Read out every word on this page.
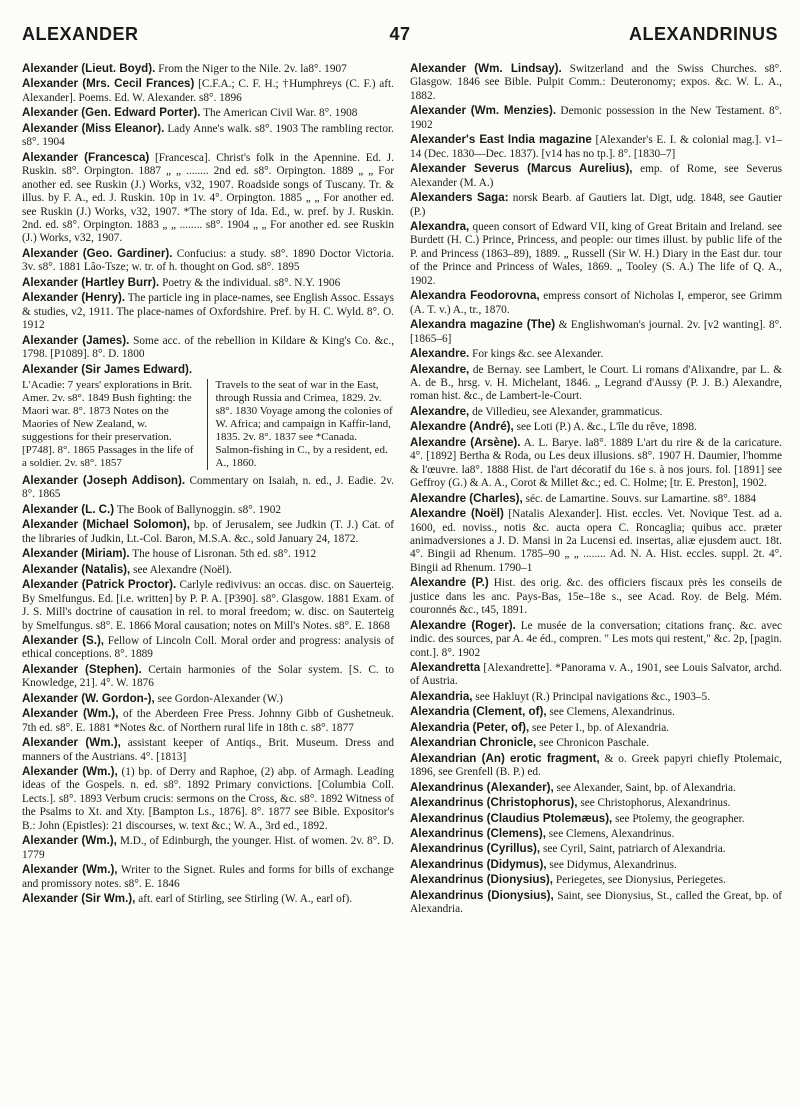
ALEXANDER	47	ALEXANDRINUS

Alexander (Lieut. Boyd). From the Niger to the Nile. 2v. la8°. 1907

Alexander (Mrs. Cecil Frances) [C.F.A.; C. F. H.; †Humphreys (C. F.) aft. Alexander]. Poems. Ed. W. Alexander. s8°. 1896

Alexander (Gen. Edward Porter). The American Civil War. 8°. 1908

Alexander (Miss Eleanor). Lady Anne's walk. s8°. 1903 The rambling rector. s8°. 1904

Alexander (Francesca) [Francesca]. Christ's folk in the Apennine. Ed. J. Ruskin. s8°. Orpington. 1887 „ „ ........ 2nd ed. s8°. Orpington. 1889 „ „ For another ed. see Ruskin (J.) Works, v32, 1907. Roadside songs of Tuscany. Tr. & illus. by F. A., ed. J. Ruskin. 10p in 1v. 4°. Orpington. 1885 „ „ For another ed. see Ruskin (J.) Works, v32, 1907. *The story of Ida. Ed., w. pref. by J. Ruskin. 2nd. ed. s8°. Orpington. 1883 „ „ ........ s8°. 1904 „ „ For another ed. see Ruskin (J.) Works, v32, 1907.

Alexander (Geo. Gardiner). Confucius: a study. s8°. 1890 Doctor Victoria. 3v. s8°. 1881 Lâo-Tsze; w. tr. of h. thought on God. s8°. 1895

Alexander (Hartley Burr). Poetry & the individual. s8°. N.Y. 1906

Alexander (Henry). The particle ing in place-names, see English Assoc. Essays & studies, v2, 1911. The place-names of Oxfordshire. Pref. by H. C. Wyld. 8°. O. 1912

Alexander (James). Some acc. of the rebellion in Kildare & King's Co. &c., 1798. [P1089]. 8°. D. 1800

Alexander (Sir James Edward).

L'Acadie: 7 years' explorations in Brit. Amer. 2v. s8°. 1849 Bush fighting: the Maori war. 8°. 1873 Notes on the Maories of New Zealand, w. suggestions for their preservation. [P748]. 8°. 1865 Passages in the life of a soldier. 2v. s8°. 1857
Travels to the seat of war in the East, through Russia and Crimea, 1829. 2v. s8°. 1830 Voyage among the colonies of W. Africa; and campaign in Kaffir-land, 1835. 2v. 8°. 1837 see *Canada. Salmon-fishing in C., by a resident, ed. A., 1860.

Alexander (Joseph Addison). Commentary on Isaiah, n. ed., J. Eadie. 2v. 8°. 1865

Alexander (L. C.) The Book of Ballynoggin. s8°. 1902

Alexander (Michael Solomon), bp. of Jerusalem, see Judkin (T. J.) Cat. of the libraries of Judkin, Lt.-Col. Baron, M.S.A. &c., sold January 24, 1872.

Alexander (Miriam). The house of Lisronan. 5th ed. s8°. 1912

Alexander (Natalis), see Alexandre (Noël).

Alexander (Patrick Proctor). Carlyle redivivus: an occas. disc. on Sauerteig. By Smelfungus. Ed. [i.e. written] by P. P. A. [P390]. s8°. Glasgow. 1881 Exam. of J. S. Mill's doctrine of causation in rel. to moral freedom; w. disc. on Sauterteig by Smelfungus. s8°. E. 1866 Moral causation; notes on Mill's Notes. s8°. E. 1868

Alexander (S.), Fellow of Lincoln Coll. Moral order and progress: analysis of ethical conceptions. 8°. 1889

Alexander (Stephen). Certain harmonies of the Solar system. [S. C. to Knowledge, 21]. 4°. W. 1876

Alexander (W. Gordon-), see Gordon-Alexander (W.)

Alexander (Wm.), of the Aberdeen Free Press. Johnny Gibb of Gushetneuk. 7th ed. s8°. E. 1881 *Notes &c. of Northern rural life in 18th c. s8°. 1877

Alexander (Wm.), assistant keeper of Antiqs., Brit. Museum. Dress and manners of the Austrians. 4°. [1813]

Alexander (Wm.), (1) bp. of Derry and Raphoe, (2) abp. of Armagh. Leading ideas of the Gospels. n. ed. s8°. 1892 Primary convictions. [Columbia Coll. Lects.]. s8°. 1893 Verbum crucis: sermons on the Cross, &c. s8°. 1892 Witness of the Psalms to Xt. and Xty. [Bampton Ls., 1876]. 8°. 1877 see Bible. Expositor's B.: John (Epistles): 21 discourses, w. text &c.; W. A., 3rd ed., 1892.

Alexander (Wm.), M.D., of Edinburgh, the younger. Hist. of women. 2v. 8°. D. 1779

Alexander (Wm.), Writer to the Signet. Rules and forms for bills of exchange and promissory notes. s8°. E. 1846

Alexander (Sir Wm.), aft. earl of Stirling, see Stirling (W. A., earl of).

Alexander (Wm. Lindsay). Switzerland and the Swiss Churches. s8°. Glasgow. 1846 see Bible. Pulpit Comm.: Deuteronomy; expos. &c. W. L. A., 1882.

Alexander (Wm. Menzies). Demonic possession in the New Testament. 8°. 1902

Alexander's East India magazine [Alexander's E. I. & colonial mag.]. v1–14 (Dec. 1830—Dec. 1837). [v14 has no tp.]. 8°. [1830–7]

Alexander Severus (Marcus Aurelius), emp. of Rome, see Severus Alexander (M. A.)

Alexanders Saga: norsk Bearb. af Gautiers lat. Digt, udg. 1848, see Gautier (P.)

Alexandra, queen consort of Edward VII, king of Great Britain and Ireland. see Burdett (H. C.) Prince, Princess, and people: our times illust. by public life of the P. and Princess (1863–89), 1889. „ Russell (Sir W. H.) Diary in the East dur. tour of the Prince and Princess of Wales, 1869. „ Tooley (S. A.) The life of Q. A., 1902.

Alexandra Feodorovna, empress consort of Nicholas I, emperor, see Grimm (A. T. v.) A., tr., 1870.

Alexandra magazine (The) & Englishwoman's journal. 2v. [v2 wanting]. 8°. [1865–6]

Alexandre. For kings &c. see Alexander.

Alexandre, de Bernay. see Lambert, le Court. Li romans d'Alixandre, par L. & A. de B., hrsg. v. H. Michelant, 1846. „ Legrand d'Aussy (P. J. B.) Alexandre, roman hist. &c., de Lambert-le-Court.

Alexandre, de Villedieu, see Alexander, grammaticus.

Alexandre (André), see Loti (P.) A. &c., L'île du rêve, 1898.

Alexandre (Arsène). A. L. Barye. la8°. 1889 L'art du rire & de la caricature. 4°. [1892] Bertha & Roda, ou Les deux illusions. s8°. 1907 H. Daumier, l'homme & l'œuvre. la8°. 1888 Hist. de l'art décoratif du 16e s. à nos jours. fol. [1891] see Geffroy (G.) & A. A., Corot & Millet &c.; ed. C. Holme; [tr. E. Preston], 1902.

Alexandre (Charles), séc. de Lamartine. Souvs. sur Lamartine. s8°. 1884

Alexandre (Noël) [Natalis Alexander]. Hist. eccles. Vet. Novique Test. ad a. 1600, ed. noviss., notis &c. aucta opera C. Roncaglia; quibus acc. præter animadversiones a J. D. Mansi in 2a Lucensi ed. insertas, aliæ ejusdem auct. 18t. 4°. Bingii ad Rhenum. 1785–90 „ „ ........ Ad. N. A. Hist. eccles. suppl. 2t. 4°. Bingii ad Rhenum. 1790–1

Alexandre (P.) Hist. des orig. &c. des officiers fiscaux près les conseils de justice dans les anc. Pays-Bas, 15e–18e s., see Acad. Roy. de Belg. Mém. couronnés &c., t45, 1891.

Alexandre (Roger). Le musée de la conversation; citations franç. &c. avec indic. des sources, par A. 4e éd., compren. " Les mots qui restent," &c. 2p, [pagin. cont.]. 8°. 1902

Alexandretta [Alexandrette]. *Panorama v. A., 1901, see Louis Salvator, archd. of Austria.

Alexandria, see Hakluyt (R.) Principal navigations &c., 1903–5.

Alexandria (Clement, of), see Clemens, Alexandrinus.

Alexandria (Peter, of), see Peter I., bp. of Alexandria.

Alexandrian Chronicle, see Chronicon Paschale.

Alexandrian (An) erotic fragment, & o. Greek papyri chiefly Ptolemaic, 1896, see Grenfell (B. P.) ed.

Alexandrinus (Alexander), see Alexander, Saint, bp. of Alexandria.

Alexandrinus (Christophorus), see Christophorus, Alexandrinus.

Alexandrinus (Claudius Ptolemæus), see Ptolemy, the geographer.

Alexandrinus (Clemens), see Clemens, Alexandrinus.

Alexandrinus (Cyrillus), see Cyril, Saint, patriarch of Alexandria.

Alexandrinus (Didymus), see Didymus, Alexandrinus.

Alexandrinus (Dionysius), Periegetes, see Dionysius, Periegetes.

Alexandrinus (Dionysius), Saint, see Dionysius, St., called the Great, bp. of Alexandria.
